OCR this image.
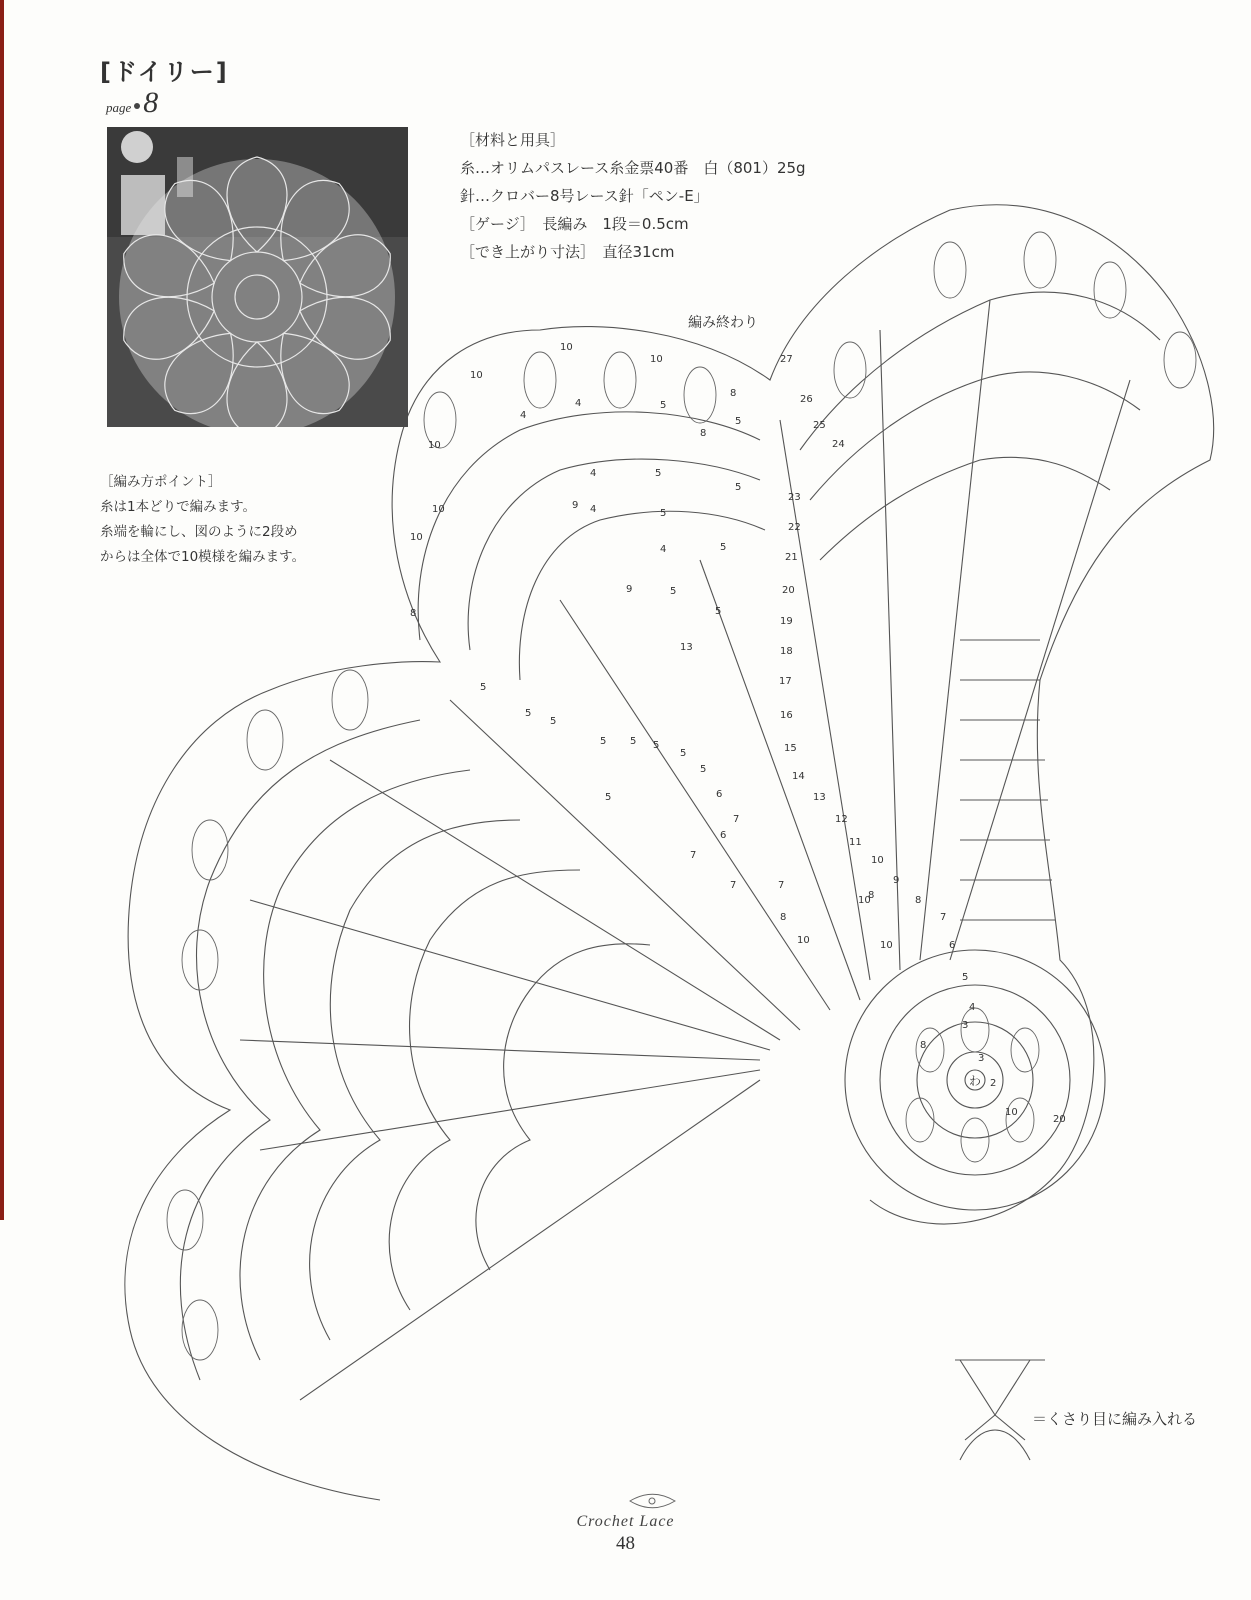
27
26
25
24
23
22
21
20
19
18
17
16
15
14
13
12
11
10
9
8
7
6
5
4
3
2
10
10
10
10
10
10
8
8
8
4
4
4
4
4
5
5
5
5
5
5
5
5
5
9
9
13
5
5
5 5 5
5
5
5	6
6
7
7
7	7
8
8
10
10
10
10
8
3
20
[ドイリー]
page 8
［材料と用具］
糸…オリムパスレース糸金票40番　白（801）25g
針…クロバー8号レース針「ペン-E」
［ゲージ］　長編み　1段＝0.5cm
［でき上がり寸法］　直径31cm
［編み方ポイント］
糸は1本どりで編みます。
糸端を輪にし、図のように2段め
からは全体で10模様を編みます。
編み終わり
わ
＝くさり目に編み入れる
Crochet Lace
48
